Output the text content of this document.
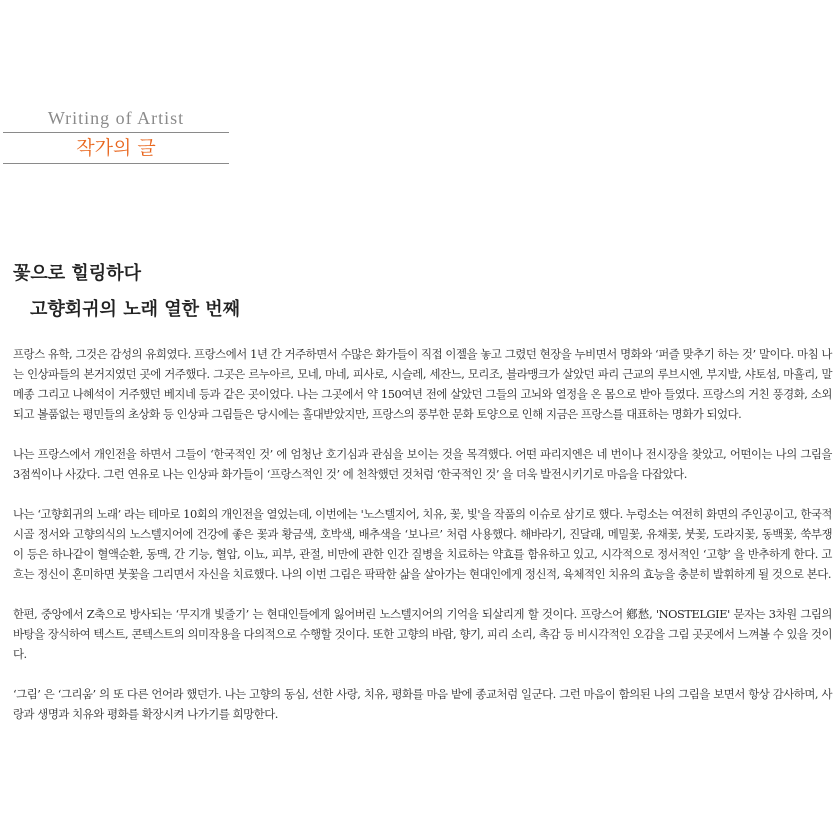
Writing of Artist
작가의 글
꽃으로 힐링하다
고향회귀의 노래 열한 번째

프랑스 유학, 그것은 감성의 유희였다. 프랑스에서 1년 간 거주하면서 수많은 화가들이 직접 이젤을 놓고 그렸던 현장을 누비면서 명화와 ‘퍼즐 맞추기 하는 것’ 말이다. 마침 나는 인상파들의 본거지였던 곳에 거주했다. 그곳은 르누아르, 모네, 마네, 피사로, 시슬레, 세잔느, 모리조, 블라맹크가 살았던 파리 근교의 루브시엔, 부지발, 샤토섬, 마흘리, 말메종 그리고 나혜석이 거주했던 베지네 등과 같은 곳이었다. 나는 그곳에서 약 150여년 전에 살았던 그들의 고뇌와 열정을 온 몸으로 받아 들였다. 프랑스의 거친 풍경화, 소외되고 볼품없는 평민들의 초상화 등 인상파 그림들은 당시에는 홀대받았지만, 프랑스의 풍부한 문화 토양으로 인해 지금은 프랑스를 대표하는 명화가 되었다.

나는 프랑스에서 개인전을 하면서 그들이 ‘한국적인 것’ 에 엄청난 호기심과 관심을 보이는 것을 목격했다. 어떤 파리지엔은 네 번이나 전시장을 찾았고, 어떤이는 나의 그림을 3점씩이나 사갔다. 그런 연유로 나는 인상파 화가들이 ‘프랑스적인 것’ 에 천착했던 것처럼 ‘한국적인 것’ 을 더욱 발전시키기로 마음을 다잡았다.

나는 ‘고향회귀의 노래’ 라는 테마로 10회의 개인전을 열었는데, 이번에는 '노스텔지어, 치유, 꽃, 빛'을 작품의 이슈로 삼기로 했다. 누렁소는 여전히 화면의 주인공이고, 한국적 시골 정서와 고향의식의 노스텔지어에 건강에 좋은 꽃과 황금색, 호박색, 배추색을 ‘보나르’ 처럼 사용했다. 해바라기, 진달래, 메밀꽃, 유채꽃, 붓꽃, 도라지꽃, 동백꽃, 쑥부쟁이 등은 하나같이 혈액순환, 동맥, 간 기능, 혈압, 이뇨, 피부, 관절, 비만에 관한 인간 질병을 치료하는 약효를 함유하고 있고, 시각적으로 정서적인 ‘고향’ 을 반추하게 한다. 고흐는 정신이 혼미하면 붓꽃을 그리면서 자신을 치료했다. 나의 이번 그림은 팍팍한 삶을 살아가는 현대인에게 정신적, 육체적인 치유의 효능을 충분히 발휘하게 될 것으로 본다.

한편, 중앙에서 Z축으로 방사되는 ‘무지개 빛줄기’ 는 현대인들에게 잃어버린 노스텔지어의 기억을 되살리게 할 것이다. 프랑스어 鄕愁, 'NOSTELGIE' 문자는 3차원 그림의 바탕을 장식하여 텍스트, 콘텍스트의 의미작용을 다의적으로 수행할 것이다. 또한 고향의 바람, 향기, 피리 소리, 촉감 등 비시각적인 오감을 그림 곳곳에서 느껴볼 수 있을 것이다.

‘그림’ 은 ‘그리움’ 의 또 다른 언어라 했던가. 나는 고향의 동심, 선한 사랑, 치유, 평화를 마음 밭에 종교처럼 일군다. 그런 마음이 함의된 나의 그림을 보면서 항상 감사하며, 사랑과 생명과 치유와 평화를 확장시켜 나가기를 희망한다.
